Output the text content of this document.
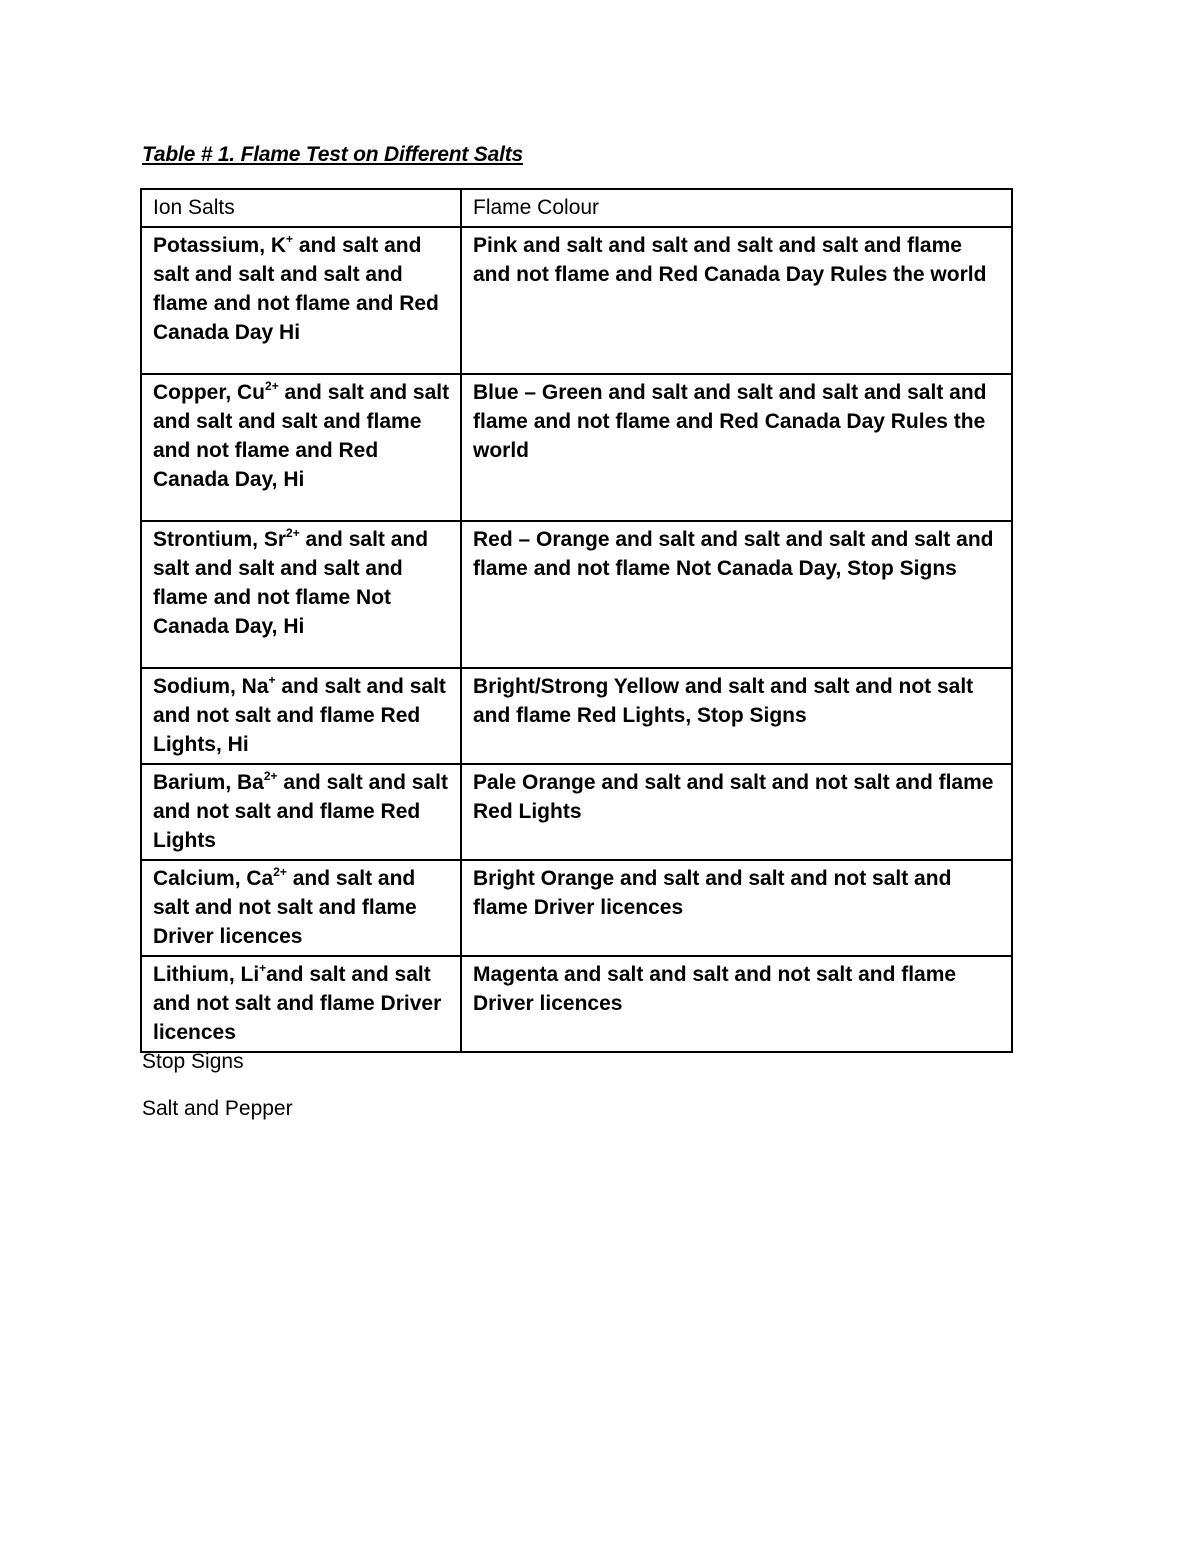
Table # 1. Flame Test on Different Salts
Ion Salts	Flame Colour
Potassium, K+ and salt and salt and salt and salt and flame and not flame and Red Canada Day Hi	Pink and salt and salt and salt and salt and flame and not flame and Red Canada Day Rules the world
Copper, $Cu^{2+}$ and salt and salt and salt and salt and flame and not flame and Red Canada Day, Hi	Blue – Green and salt and salt and salt and salt and flame and not flame and Red Canada Day Rules the world
Strontium, $Sr^{2+}$ and salt and salt and salt and salt and flame and not flame Not Canada Day, Hi	Red – Orange and salt and salt and salt and salt and flame and not flame Not Canada Day, Stop Signs
Sodium, Na+ and salt and salt and not salt and flame Red Lights, Hi	Bright/Strong Yellow and salt and salt and not salt and flame Red Lights, Stop Signs
Barium, $Ba^{2+}$ and salt and salt and not salt and flame Red Lights	Pale Orange and salt and salt and not salt and flame Red Lights
Calcium, $Ca^{2+}$ and salt and salt and not salt and flame Driver licences	Bright Orange and salt and salt and not salt and flame Driver licences
Lithium, Li+and salt and salt and not salt and flame Driver licences	Magenta and salt and salt and not salt and flame Driver licences
Stop Signs
Salt and Pepper
